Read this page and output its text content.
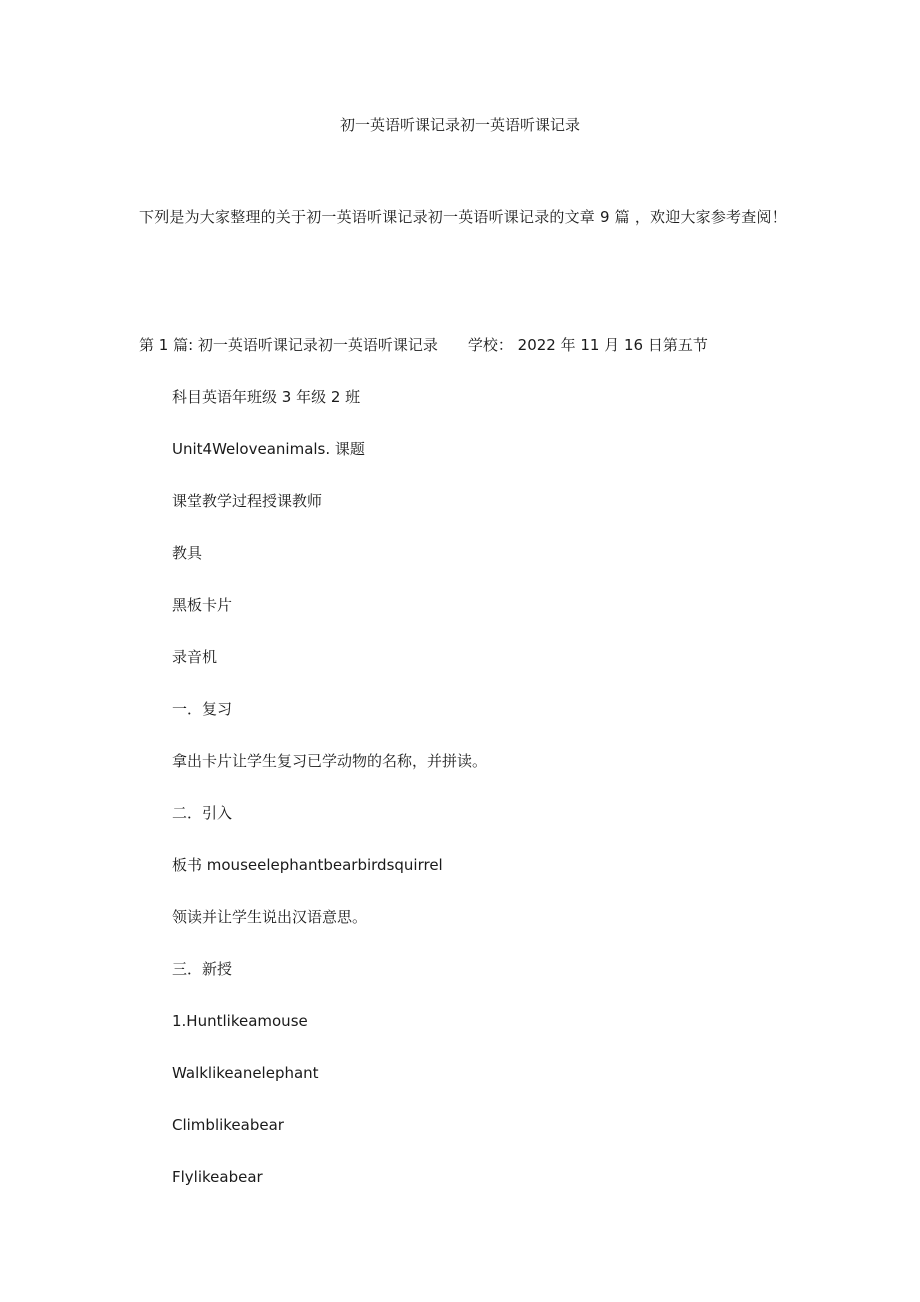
初一英语听课记录初一英语听课记录
下列是为大家整理的关于初一英语听课记录初一英语听课记录的文章 9 篇 ，欢迎大家参考查阅！
第 1 篇: 初一英语听课记录初一英语听课记录 学校： 2022 年 11 月 16 日第五节
科目英语年班级 3 年级 2 班
Unit4Weloveanimals. 课题
课堂教学过程授课教师
教具
黑板卡片
录音机
一．复习
拿出卡片让学生复习已学动物的名称，并拼读。
二．引入
板书 mouseelephantbearbirdsquirrel
领读并让学生说出汉语意思。
三．新授
1.Huntlikeamouse
Walklikeanelephant
Climblikeabear
Flylikeabear
